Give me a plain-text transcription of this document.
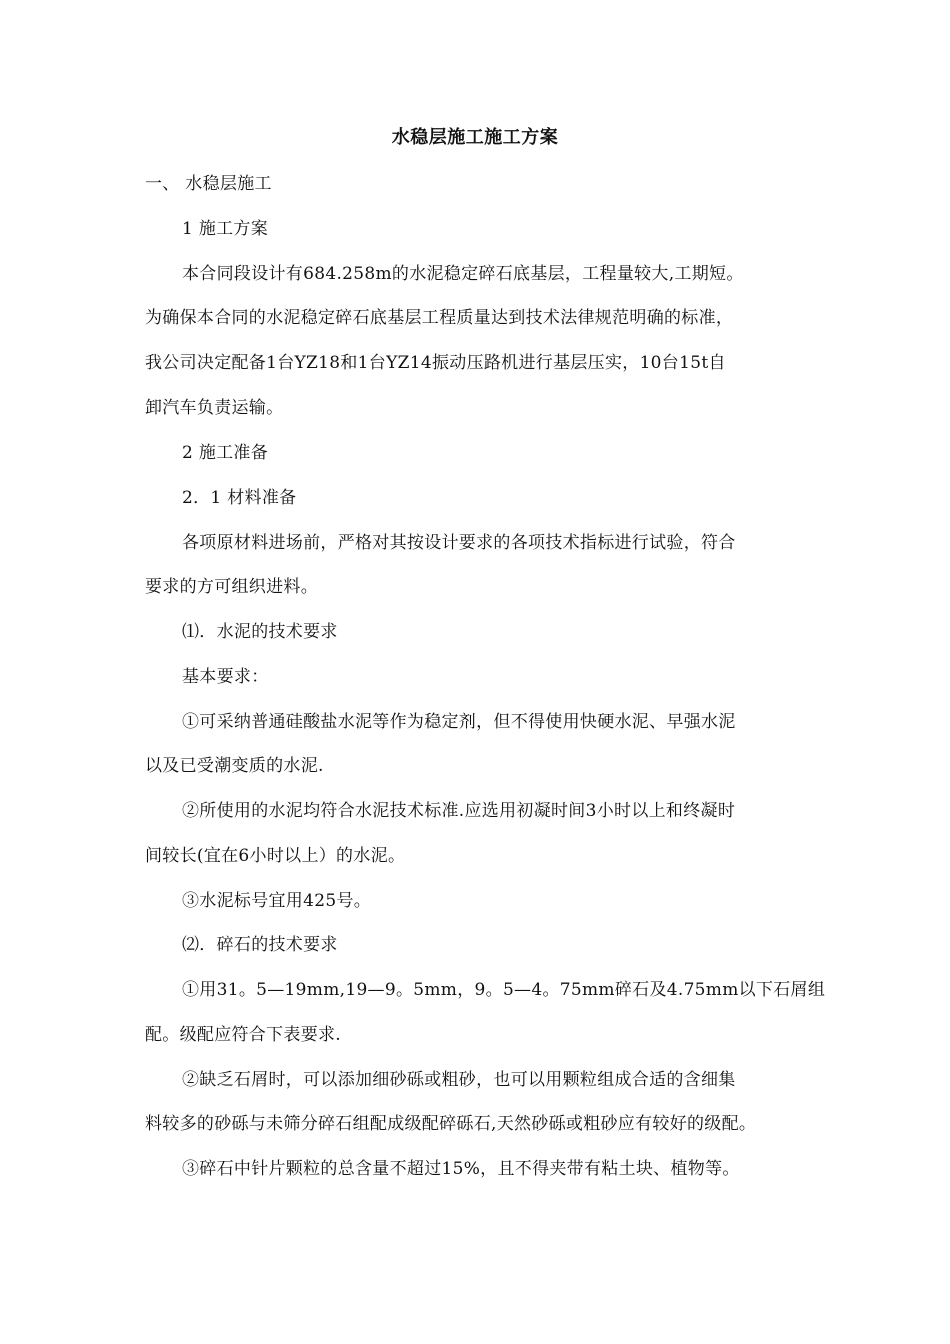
水稳层施工施工方案
一、 水稳层施工
1 施工方案
本合同段设计有684.258m的水泥稳定碎石底基层，工程量较大,工期短。
为确保本合同的水泥稳定碎石底基层工程质量达到技术法律规范明确的标准，
我公司决定配备1台YZ18和1台YZ14振动压路机进行基层压实，10台15t自
卸汽车负责运输。
2 施工准备
2．1 材料准备
各项原材料进场前，严格对其按设计要求的各项技术指标进行试验，符合
要求的方可组织进料。
⑴．水泥的技术要求
基本要求：
①可采纳普通硅酸盐水泥等作为稳定剂，但不得使用快硬水泥、早强水泥
以及已受潮变质的水泥.
②所使用的水泥均符合水泥技术标准.应选用初凝时间3小时以上和终凝时
间较长(宜在6小时以上）的水泥。
③水泥标号宜用425号。
⑵．碎石的技术要求
①用31。5—19mm,19—9。5mm，9。5—4。75mm碎石及4.75mm以下石屑组
配。级配应符合下表要求.
②缺乏石屑时，可以添加细砂砾或粗砂，也可以用颗粒组成合适的含细集
料较多的砂砾与未筛分碎石组配成级配碎砾石,天然砂砾或粗砂应有较好的级配。
③碎石中针片颗粒的总含量不超过15%，且不得夹带有粘土块、植物等。
